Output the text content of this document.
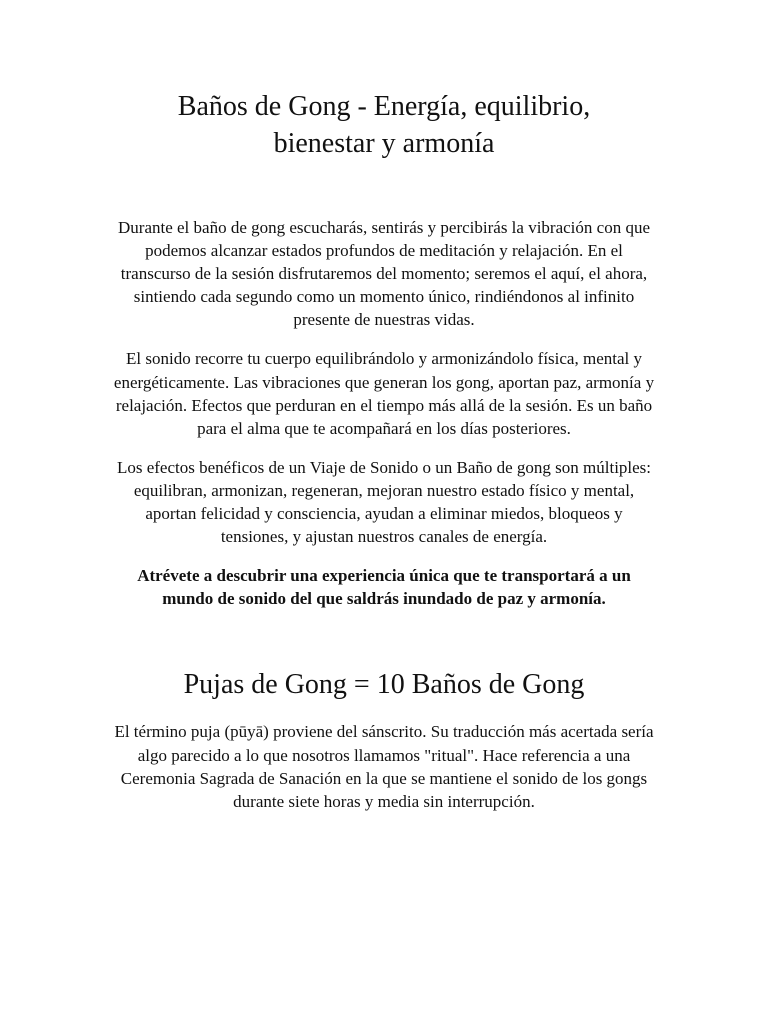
Baños de Gong - Energía, equilibrio,
bienestar y armonía

Durante el baño de gong escucharás, sentirás y percibirás la vibración con que podemos alcanzar estados profundos de meditación y relajación. En el transcurso de la sesión disfrutaremos del momento; seremos el aquí, el ahora, sintiendo cada segundo como un momento único, rindiéndonos al infinito presente de nuestras vidas.

El sonido recorre tu cuerpo equilibrándolo y armonizándolo física, mental y energéticamente. Las vibraciones que generan los gong, aportan paz, armonía y relajación. Efectos que perduran en el tiempo más allá de la sesión. Es un baño para el alma que te acompañará en los días posteriores.

Los efectos benéficos de un Viaje de Sonido o un Baño de gong son múltiples: equilibran, armonizan, regeneran, mejoran nuestro estado físico y mental, aportan felicidad y consciencia, ayudan a eliminar miedos, bloqueos y tensiones, y ajustan nuestros canales de energía.

Atrévete a descubrir una experiencia única que te transportará a un mundo de sonido del que saldrás inundado de paz y armonía.

Pujas de Gong = 10 Baños de Gong

El término puja (pūyā) proviene del sánscrito. Su traducción más acertada sería algo parecido a lo que nosotros llamamos "ritual". Hace referencia a una Ceremonia Sagrada de Sanación en la que se mantiene el sonido de los gongs durante siete horas y media sin interrupción.
